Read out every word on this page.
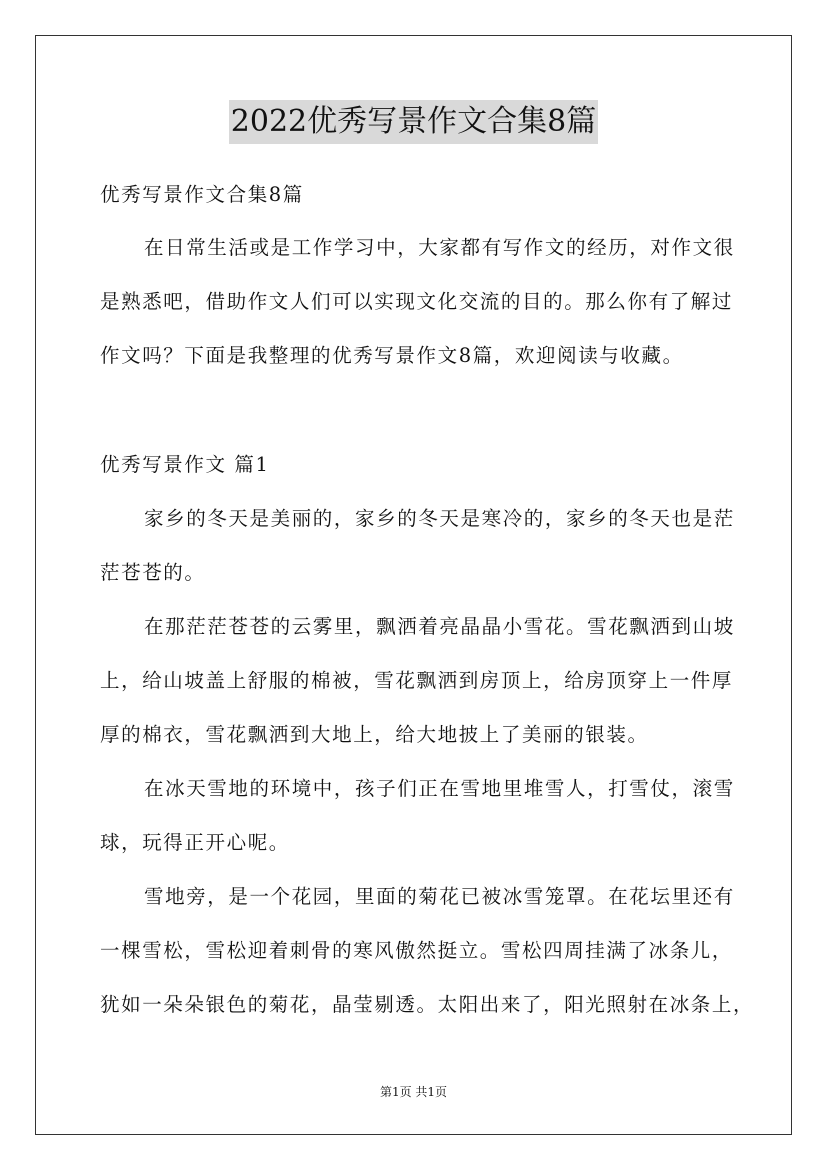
2022优秀写景作文合集8篇
优秀写景作文合集8篇
在日常生活或是工作学习中，大家都有写作文的经历，对作文很
是熟悉吧，借助作文人们可以实现文化交流的目的。那么你有了解过
作文吗？下面是我整理的优秀写景作文8篇，欢迎阅读与收藏。
优秀写景作文 篇1
家乡的冬天是美丽的，家乡的冬天是寒冷的，家乡的冬天也是茫
茫苍苍的。
在那茫茫苍苍的云雾里，飘洒着亮晶晶小雪花。雪花飘洒到山坡
上，给山坡盖上舒服的棉被，雪花飘洒到房顶上，给房顶穿上一件厚
厚的棉衣，雪花飘洒到大地上，给大地披上了美丽的银装。
在冰天雪地的环境中，孩子们正在雪地里堆雪人，打雪仗，滚雪
球，玩得正开心呢。
雪地旁，是一个花园，里面的菊花已被冰雪笼罩。在花坛里还有
一棵雪松，雪松迎着刺骨的寒风傲然挺立。雪松四周挂满了冰条儿，
犹如一朵朵银色的菊花，晶莹剔透。太阳出来了，阳光照射在冰条上，
第1页 共1页
